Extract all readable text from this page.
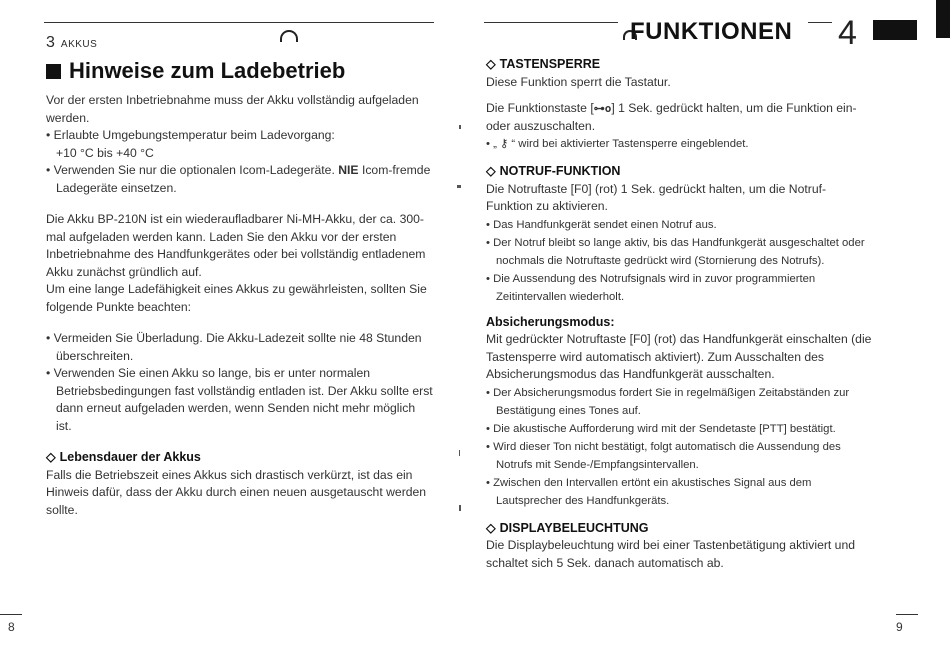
3 AKKUS
Hinweise zum Ladebetrieb

Vor der ersten Inbetriebnahme muss der Akku vollständig aufgeladen werden.

• Erlaubte Umgebungstemperatur beim Ladevorgang:

+10 °C bis +40 °C

• Verwenden Sie nur die optionalen Icom-Ladegeräte. NIE Icom-fremde Ladegeräte einsetzen.

Die Akku BP-210N ist ein wiederaufladbarer Ni-MH-Akku, der ca. 300-mal aufgeladen werden kann. Laden Sie den Akku vor der ersten Inbetriebnahme des Handfunkgerätes oder bei vollständig entladenem Akku zunächst gründlich auf.

Um eine lange Ladefähigkeit eines Akkus zu gewährleisten, sollten Sie folgende Punkte beachten:

• Vermeiden Sie Überladung. Die Akku-Ladezeit sollte nie 48 Stunden überschreiten.

• Verwenden Sie einen Akku so lange, bis er unter normalen Betriebsbedingungen fast vollständig entladen ist. Der Akku sollte erst dann erneut aufgeladen werden, wenn Senden nicht mehr möglich ist.

◇ Lebensdauer der Akkus

Falls die Betriebszeit eines Akkus sich drastisch verkürzt, ist das ein Hinweis dafür, dass der Akku durch einen neuen ausgetauscht werden sollte.

8
FUNKTIONEN 4

◇ TASTENSPERRE

Diese Funktion sperrt die Tastatur.

Die Funktionstaste [⊶o] 1 Sek. gedrückt halten, um die Funktion ein- oder auszuschalten.

• „ ⚷ “ wird bei aktivierter Tastensperre eingeblendet.

◇ NOTRUF-FUNKTION

Die Notruftaste [F0] (rot) 1 Sek. gedrückt halten, um die Notruf-Funktion zu aktivieren.

• Das Handfunkgerät sendet einen Notruf aus.

• Der Notruf bleibt so lange aktiv, bis das Handfunkgerät ausgeschaltet oder nochmals die Notruftaste gedrückt wird (Stornierung des Notrufs).

• Die Aussendung des Notrufsignals wird in zuvor programmierten Zeitintervallen wiederholt.

Absicherungsmodus:

Mit gedrückter Notruftaste [F0] (rot) das Handfunkgerät einschalten (die Tastensperre wird automatisch aktiviert). Zum Ausschalten des Absicherungsmodus das Handfunkgerät ausschalten.

• Der Absicherungsmodus fordert Sie in regelmäßigen Zeitabständen zur Bestätigung eines Tones auf.

• Die akustische Aufforderung wird mit der Sendetaste [PTT] bestätigt.

• Wird dieser Ton nicht bestätigt, folgt automatisch die Aussendung des Notrufs mit Sende-/Empfangsintervallen.

• Zwischen den Intervallen ertönt ein akustisches Signal aus dem Lautsprecher des Handfunkgeräts.

◇ DISPLAYBELEUCHTUNG

Die Displaybeleuchtung wird bei einer Tastenbetätigung aktiviert und schaltet sich 5 Sek. danach automatisch ab.

9
